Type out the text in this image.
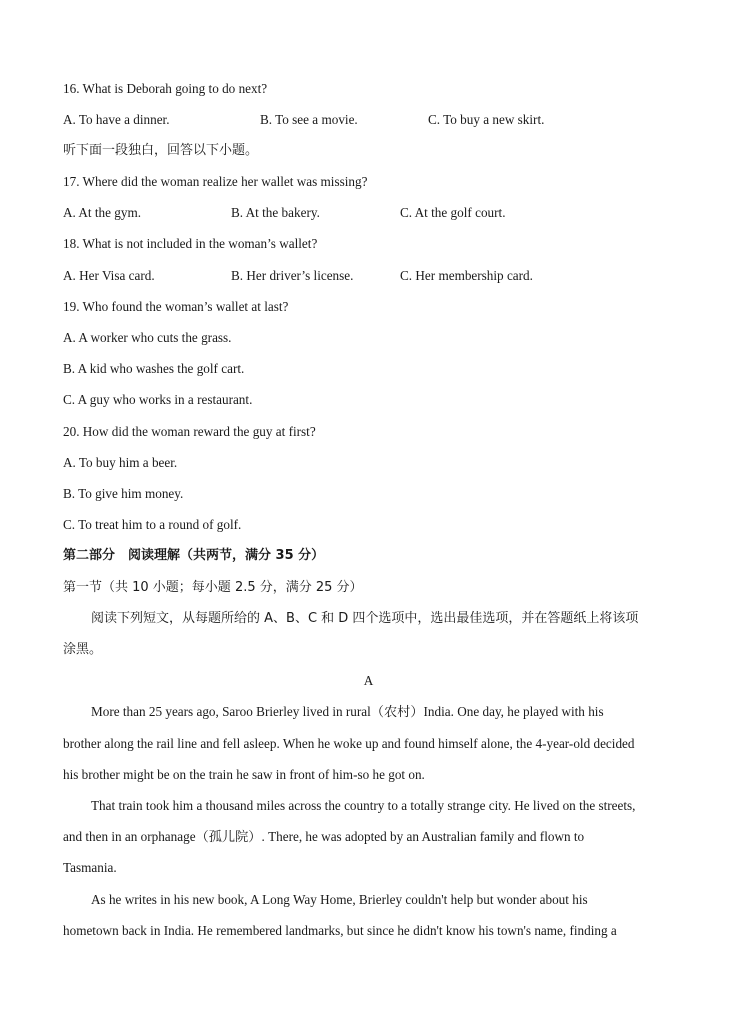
16. What is Deborah going to do next?
A. To have a dinner.	B. To see a movie.	C. To buy a new skirt.
听下面一段独白，回答以下小题。
17. Where did the woman realize her wallet was missing?
A. At the gym.	B. At the bakery.	C. At the golf court.
18. What is not included in the woman’s wallet?
A. Her Visa card.	B. Her driver’s license.	C. Her membership card.
19. Who found the woman’s wallet at last?
A. A worker who cuts the grass.
B. A kid who washes the golf cart.
C. A guy who works in a restaurant.
20. How did the woman reward the guy at first?
A. To buy him a beer.
B. To give him money.
C. To treat him to a round of golf.
第二部分　阅读理解（共两节，满分 35 分）
第一节（共 10 小题；每小题 2.5 分，满分 25 分）
阅读下列短文，从每题所给的 A、B、C 和 D 四个选项中，选出最佳选项，并在答题纸上将该项
涂黑。
A
More than 25 years ago, Saroo Brierley lived in rural（农村）India. One day, he played with his
brother along the rail line and fell asleep. When he woke up and found himself alone, the 4-year-old decided
his brother might be on the train he saw in front of him-so he got on.
That train took him a thousand miles across the country to a totally strange city. He lived on the streets,
and then in an orphanage（孤儿院）. There, he was adopted by an Australian family and flown to
Tasmania.
As he writes in his new book, A Long Way Home, Brierley couldn't help but wonder about his
hometown back in India. He remembered landmarks, but since he didn't know his town's name, finding a
